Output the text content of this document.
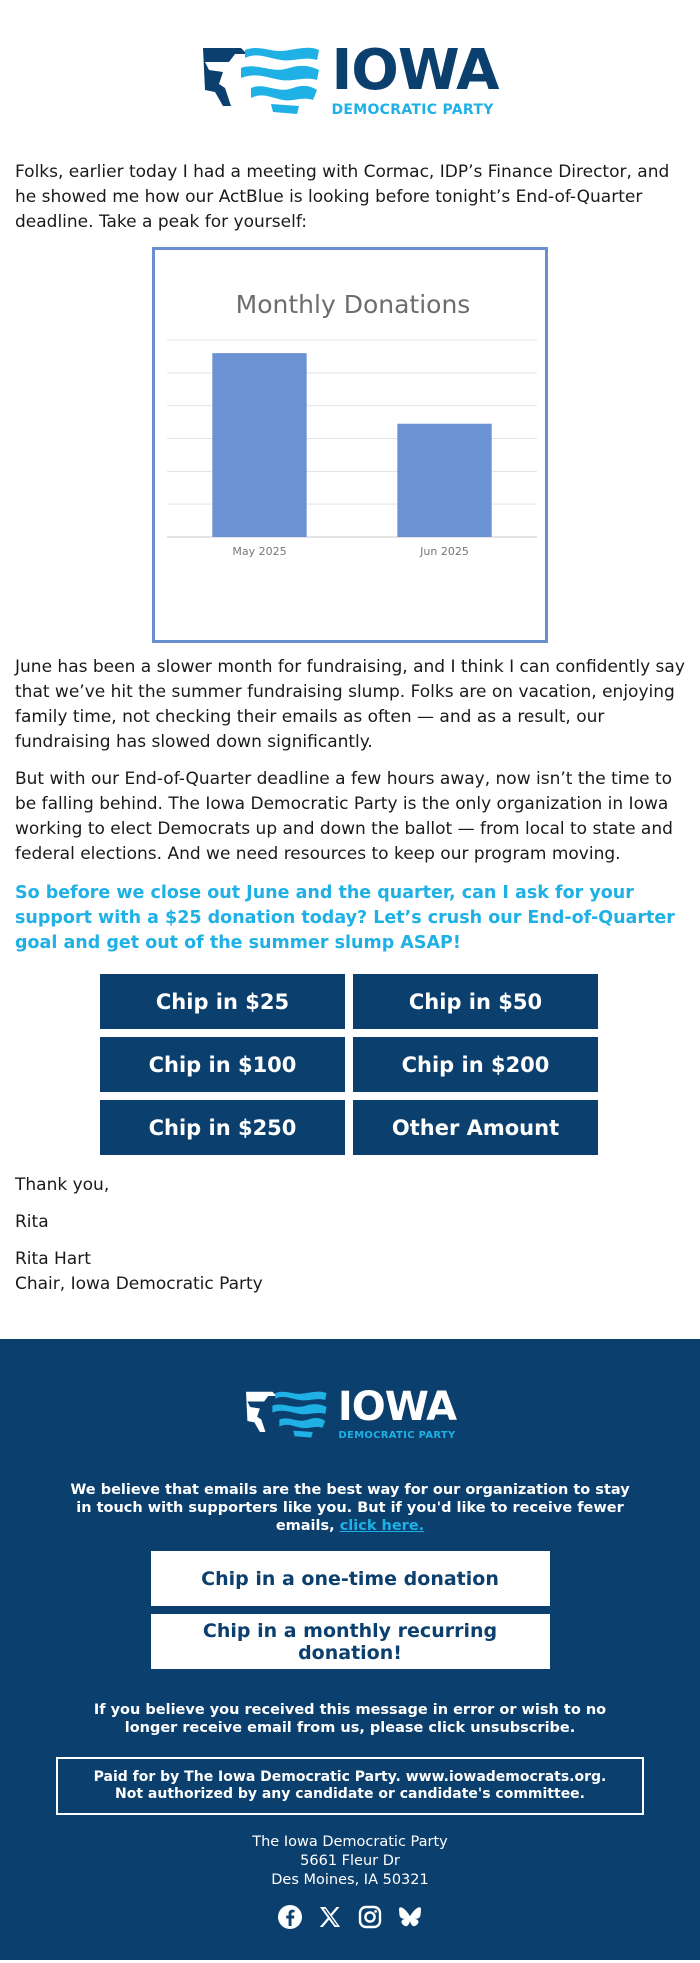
IOWA
DEMOCRATIC PARTY

Folks, earlier today I had a meeting with Cormac, IDP’s Finance Director, and he showed me how our ActBlue is looking before tonight’s End-of-Quarter deadline. Take a peak for yourself:

Monthly Donations
May 2025	Jun 2025

June has been a slower month for fundraising, and I think I can confidently say that we’ve hit the summer fundraising slump. Folks are on vacation, enjoying family time, not checking their emails as often — and as a result, our fundraising has slowed down significantly.

But with our End-of-Quarter deadline a few hours away, now isn’t the time to be falling behind. The Iowa Democratic Party is the only organization in Iowa working to elect Democrats up and down the ballot — from local to state and federal elections. And we need resources to keep our program moving.

So before we close out June and the quarter, can I ask for your support with a $25 donation today? Let’s crush our End-of-Quarter goal and get out of the summer slump ASAP!

Chip in $25	Chip in $50
Chip in $100	Chip in $200
Chip in $250	Other Amount
Thank you,
Rita
Rita Hart
Chair, Iowa Democratic Party
IOWA
DEMOCRATIC PARTY
We believe that emails are the best way for our organization to stay in touch with supporters like you. But if you'd like to receive fewer emails, click here.
Chip in a one-time donation
Chip in a monthly recurring donation!
If you believe you received this message in error or wish to no longer receive email from us, please click unsubscribe.
Paid for by The Iowa Democratic Party. www.iowademocrats.org. Not authorized by any candidate or candidate's committee.
The Iowa Democratic Party
5661 Fleur Dr
Des Moines, IA 50321
